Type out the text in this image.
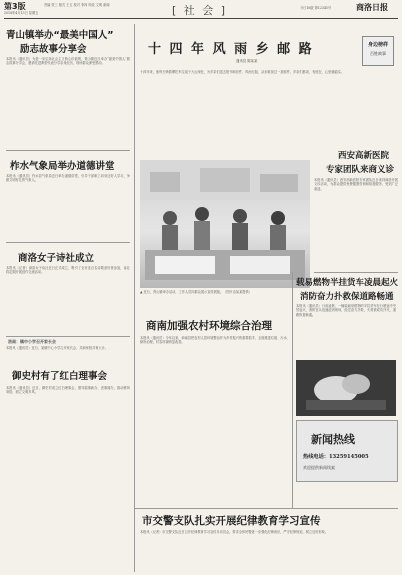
第3版
2018年4月13日 星期五
责编 张三 版式 王五 校对 李四 时政 文明 新闻	[ 社 会 ]	今日16版 第12345号	商洛日报
青山镇举办“最美中国人”
励志故事分享会
本报讯（通讯员）为进一步弘扬社会主义核心价值观，青山镇近日举办“最美中国人”励志故事分享会，邀请先进典型代表分享亲身经历，现场群众深受感动。
柞水气象局举办道德讲堂
本报讯（通讯员）柞水县气象局近日举办道德讲堂，引导干部职工向身边好人学习，争做文明有礼的气象人。
商洛女子诗社成立
本报讯（记者）商洛女子诗社近日正式成立，吸引了全市近百名诗歌爱好者参加，诗社将定期开展创作交流活动。
洛南：镇中小学召开家长会
本报讯（通讯员）近日，某镇中心小学召开家长会，共商家校共育大计。
御史村有了红白理事会
本报讯（通讯员）近日，御史村成立红白理事会，倡导婚事新办、丧事简办，推动移风易俗，树立文明乡风。
十 四 年 风 雨 乡 邮 路
通讯员 陈某某
身边榜样
百姓故事
十四年来，他每天骑着摩托车往返于大山深处，为乡亲们送去报刊和信件，风雨无阻，从未耽误过一封邮件。乡亲们都说，有他在，心里就踏实。
▲ 近日，青山镇举办活动，工作人员向群众展示宣传展板。（图片由某某提供）
西安高新医院
专家团队来商义诊
本报讯（通讯员）西安高新医院专家团队近日来到商洛开展义诊活动，为群众提供免费健康咨询和检查服务，受到广泛欢迎。
载易燃物半挂货车凌晨起火
消防奋力扑救保道路畅通
本报讯（通讯员）日前凌晨，一辆装载易燃物的半挂货车在行驶途中突然起火，消防官兵迅速赶到现场，经过奋力扑救，火势被成功扑灭，道路恢复畅通。
商南加强农村环境综合治理
本报讯（通讯员）今年以来，商南县把农村人居环境整治作为乡村振兴的重要抓手，全面推进垃圾、污水、厕所治理，村容村貌明显改善。
新闻热线
热线电话：13259145005
欢迎提供新闻线索
市交警支队扎实开展纪律教育学习宣传
本报讯（记者）市交警支队近日召开纪律教育学习宣传月动员会，要求全体民警进一步强化纪律意识，严守纪律规矩，树立良好形象。
